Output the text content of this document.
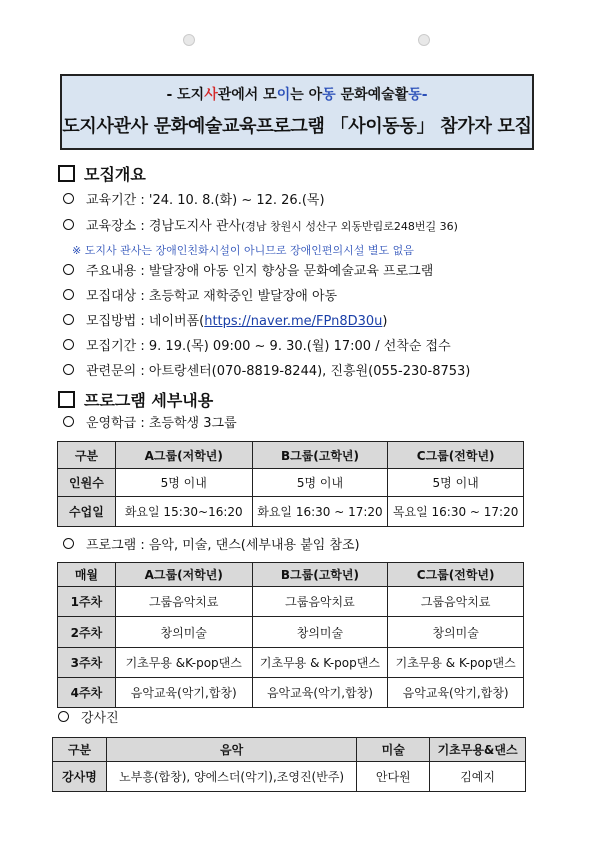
- 도지사관에서 모이는 아동 문화예술활동-
도지사관사 문화예술교육프로그램 「사이동동」 참가자 모집
모집개요
교육기간 : '24. 10. 8.(화) ~ 12. 26.(목)
교육장소 : 경남도지사 관사(경남 창원시 성산구 외동반림로248번길 36)
※ 도지사 관사는 장애인친화시설이 아니므로 장애인편의시설 별도 없음
주요내용 : 발달장애 아동 인지 향상을 문화예술교육 프로그램
모집대상 : 초등학교 재학중인 발달장애 아동
모집방법 : 네이버폼(https://naver.me/FPn8D30u)
모집기간 : 9. 19.(목) 09:00 ~ 9. 30.(월) 17:00 / 선착순 접수
관련문의 : 아트랑센터(070-8819-8244), 진흥원(055-230-8753)
프로그램 세부내용
운영학급 : 초등학생 3그룹
구분	A그룹(저학년)	B그룹(고학년)	C그룹(전학년)
인원수	5명 이내	5명 이내	5명 이내
수업일	화요일 15:30~16:20	화요일 16:30 ~ 17:20	목요일 16:30 ~ 17:20
프로그램 : 음악, 미술, 댄스(세부내용 붙임 참조)
매월	A그룹(저학년)	B그룹(고학년)	C그룹(전학년)
1주차	그룹음악치료	그룹음악치료	그룹음악치료
2주차	창의미술	창의미술	창의미술
3주차	기초무용 &K-pop댄스	기초무용 & K-pop댄스	기초무용 & K-pop댄스
4주차	음악교육(악기,합창)	음악교육(악기,합창)	음악교육(악기,합창)
강사진
구분	음악	미술	기초무용&댄스
강사명	노부흥(합창), 양에스더(악기),조영진(반주)	안다원	김예지
